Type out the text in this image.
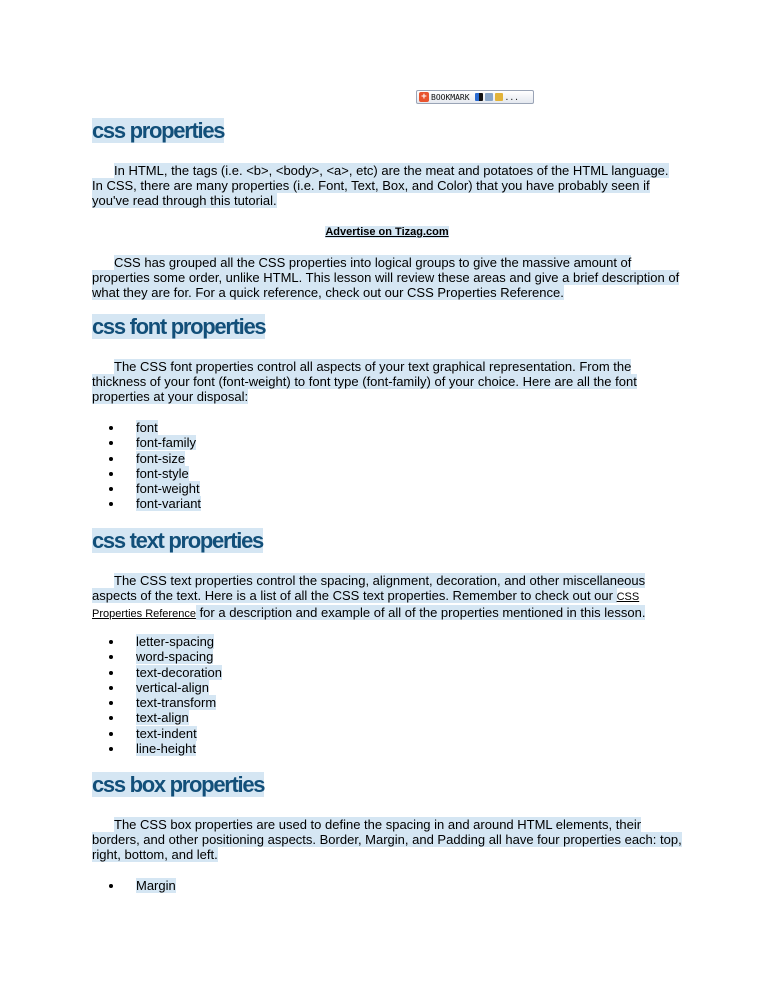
+ BOOKMARK	...
css properties

In HTML, the tags (i.e. <b>, <body>, <a>, etc) are the meat and potatoes of the HTML language. In CSS, there are many properties (i.e. Font, Text, Box, and Color) that you have probably seen if you've read through this tutorial.

Advertise on Tizag.com

CSS has grouped all the CSS properties into logical groups to give the massive amount of properties some order, unlike HTML. This lesson will review these areas and give a brief description of what they are for. For a quick reference, check out our CSS Properties Reference.

css font properties

The CSS font properties control all aspects of your text graphical representation. From the thickness of your font (font-weight) to font type (font-family) of your choice. Here are all the font properties at your disposal:

font
font-family
font-size
font-style
font-weight
font-variant
css text properties

The CSS text properties control the spacing, alignment, decoration, and other miscellaneous aspects of the text. Here is a list of all the CSS text properties. Remember to check out our CSS Properties Reference for a description and example of all of the properties mentioned in this lesson.

letter-spacing
word-spacing
text-decoration
vertical-align
text-transform
text-align
text-indent
line-height
css box properties

The CSS box properties are used to define the spacing in and around HTML elements, their borders, and other positioning aspects. Border, Margin, and Padding all have four properties each: top, right, bottom, and left.

Margin
